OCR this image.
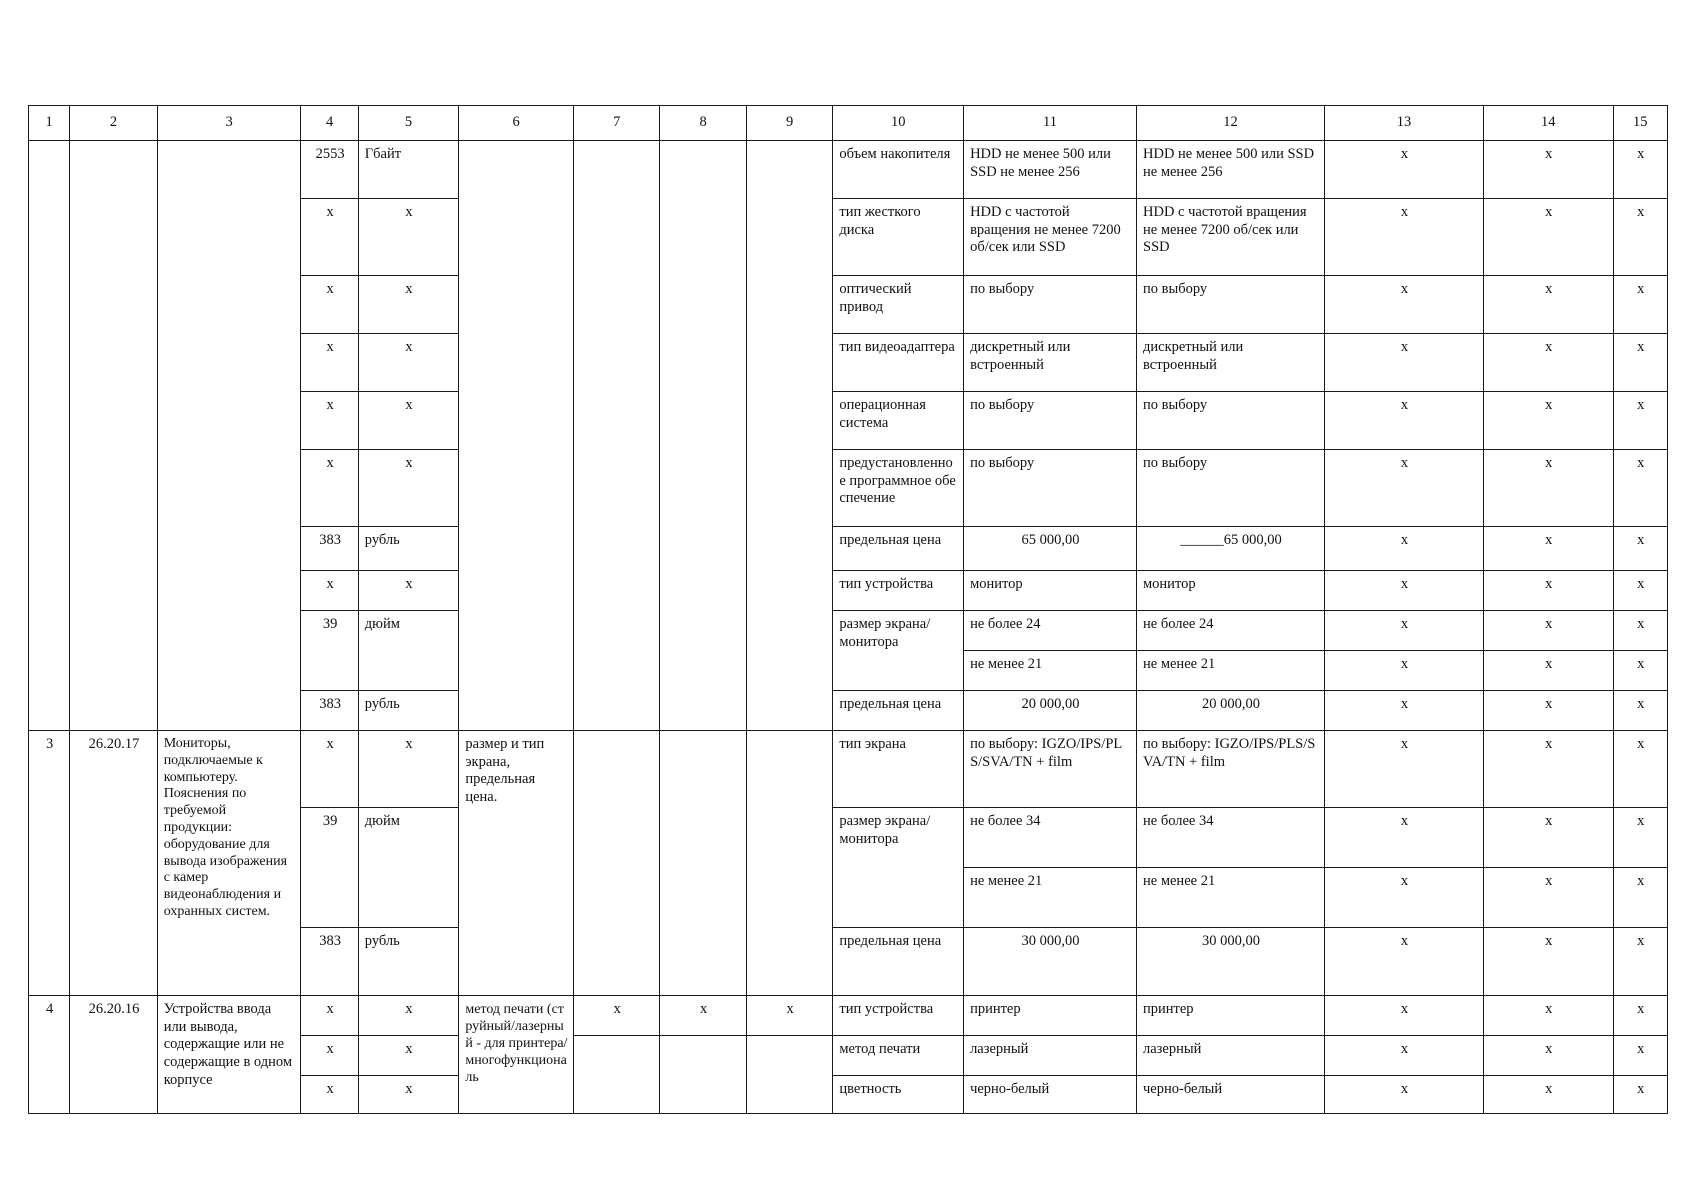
1	2	3	4	5	6	7	8	9	10	11	12	13	14	15
			2553	Гбайт					объем накопителя	HDD не менее 500 или SSD не менее 256	HDD не менее 500 или SSD не менее 256	x	x	x
			x	x					тип жесткого диска	HDD с частотой вращения не менее 7200 об/сек или SSD	HDD с частотой вращения не менее 7200 об/сек или SSD	x	x	x
			x	x					оптический привод	по выбору	по выбору	x	x	x
			x	x					тип видеоадаптера	дискретный или встроенный	дискретный или встроенный	x	x	x
			x	x					операционная система	по выбору	по выбору	x	x	x
			x	x					предустановленное программное обеспечение	по выбору	по выбору	x	x	x
			383	рубль					предельная цена	65 000,00	______65 000,00	x	x	x
			x	x					тип устройства	монитор	монитор	x	x	x
			39	дюйм					размер экрана/монитора	не более 24	не более 24	x	x	x
										не менее 21	не менее 21	x	x	x
			383	рубль					предельная цена	20 000,00	20 000,00	x	x	x
3	26.20.17	Мониторы, подключаемые к компьютеру. Пояснения по требуемой продукции: оборудование для вывода изображения с камер видеонаблюдения и охранных систем.	x	x	размер и тип экрана, предельная цена.				тип экрана	по выбору: IGZO/IPS/PLS/SVA/TN + film	по выбору: IGZO/IPS/PLS/SVA/TN + film	x	x	x
			39	дюйм					размер экрана/монитора	не более 34	не более 34	x	x	x
										не менее 21	не менее 21	x	x	x
			383	рубль					предельная цена	30 000,00	30 000,00	x	x	x
4	26.20.16	Устройства ввода или вывода, содержащие или не содержащие в одном корпусе	x	x	метод печати (струйный/лазерный - для принтера/многофункциональ	x	x	x	тип устройства	принтер	принтер	x	x	x
			x	x					метод печати	лазерный	лазерный	x	x	x
			x	x					цветность	черно-белый	черно-белый	x	x	x
